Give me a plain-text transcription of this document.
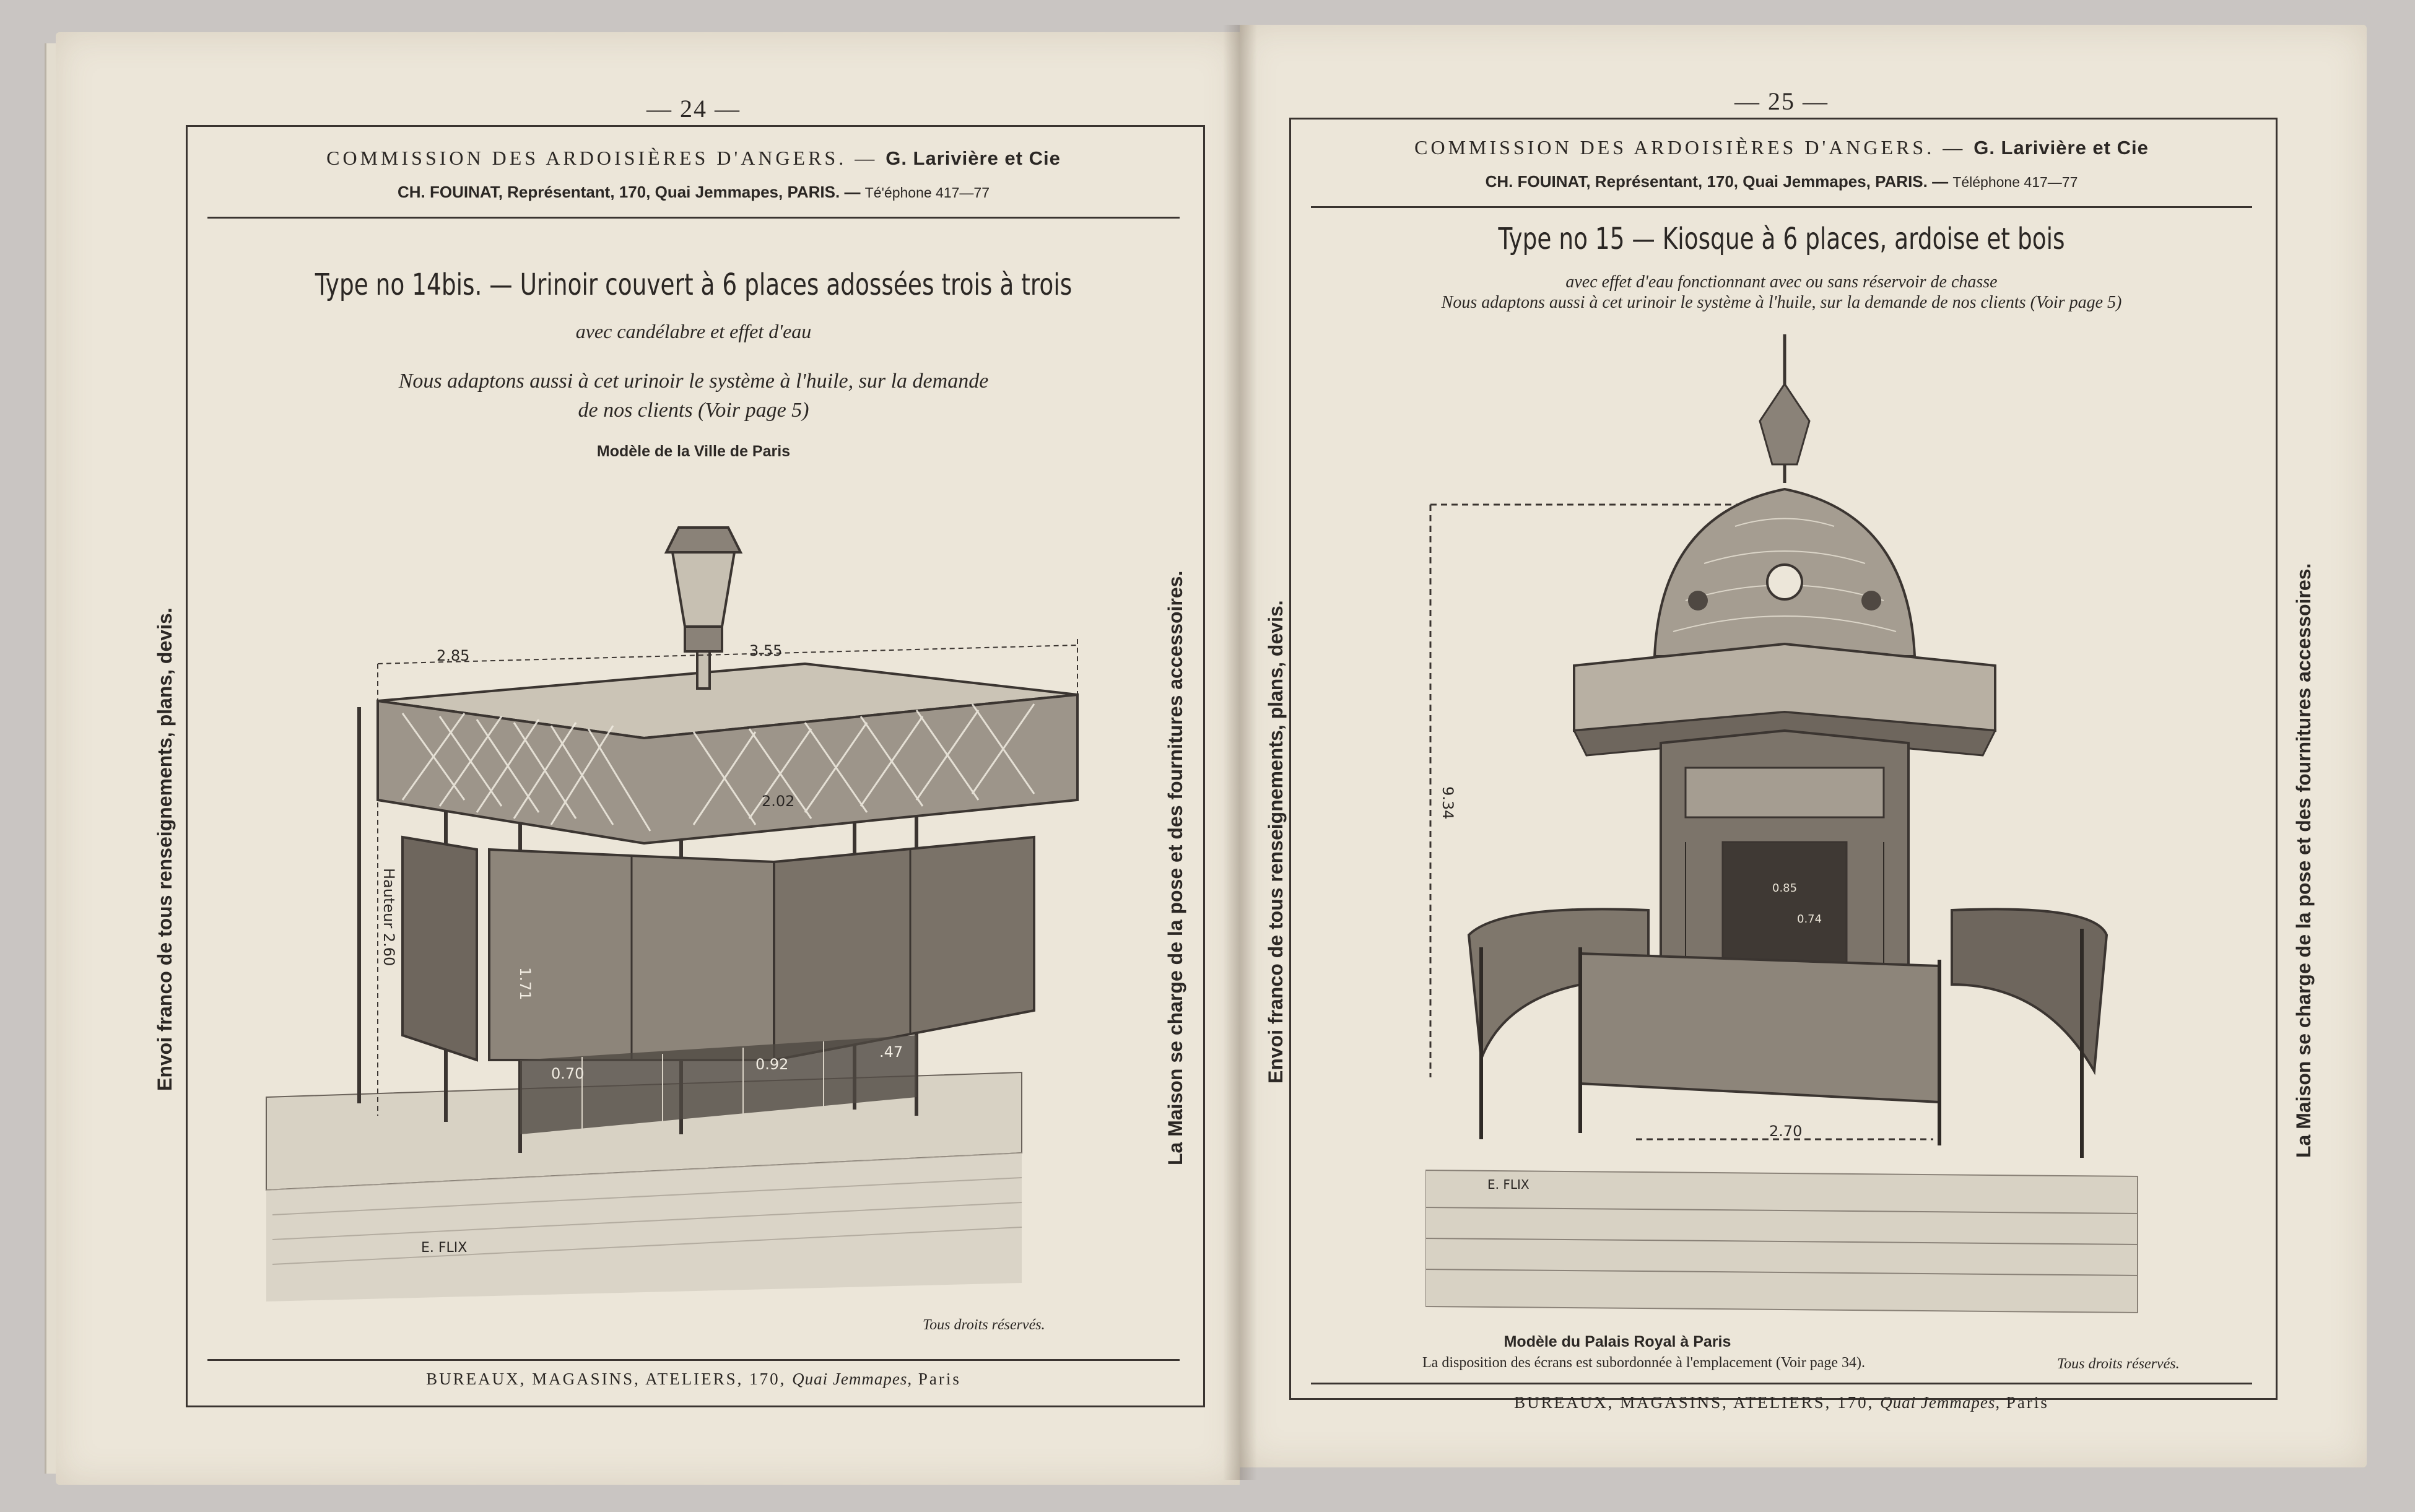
— 24 —
COMMISSION DES ARDOISIÈRES D'ANGERS. — G. Larivière et Cie
CH. FOUINAT, Représentant, 170, Quai Jemmapes, PARIS. — Té'éphone 417—77
Type no 14bis. — Urinoir couvert à 6 places adossées trois à trois
avec candélabre et effet d'eau
Nous adaptons aussi à cet urinoir le système à l'huile, sur la demande
de nos clients (Voir page 5)
Modèle de la Ville de Paris
2.85	3.55
2.02
Hauteur 2.60
1.71
0.70
0.92
.47
E. FLIX
Tous droits réservés.
BUREAUX, MAGASINS, ATELIERS, 170, Quai Jemmapes, Paris
Envoi franco de tous renseignements, plans, devis.	La Maison se charge de la pose et des fournitures accessoires.
— 25 —
COMMISSION DES ARDOISIÈRES D'ANGERS. — G. Larivière et Cie
CH. FOUINAT, Représentant, 170, Quai Jemmapes, PARIS. — Téléphone 417—77
Type no 15 — Kiosque à 6 places, ardoise et bois
avec effet d'eau fonctionnant avec ou sans réservoir de chasse
Nous adaptons aussi à cet urinoir le système à l'huile, sur la demande de nos clients (Voir page 5)
9.34
0.85
0.74
2.70
E. FLIX
Modèle du Palais Royal à Paris
La disposition des écrans est subordonnée à l'emplacement (Voir page 34).	Tous droits réservés.
BUREAUX, MAGASINS, ATELIERS, 170, Quai Jemmapes, Paris
Envoi franco de tous renseignements, plans, devis.	La Maison se charge de la pose et des fournitures accessoires.
